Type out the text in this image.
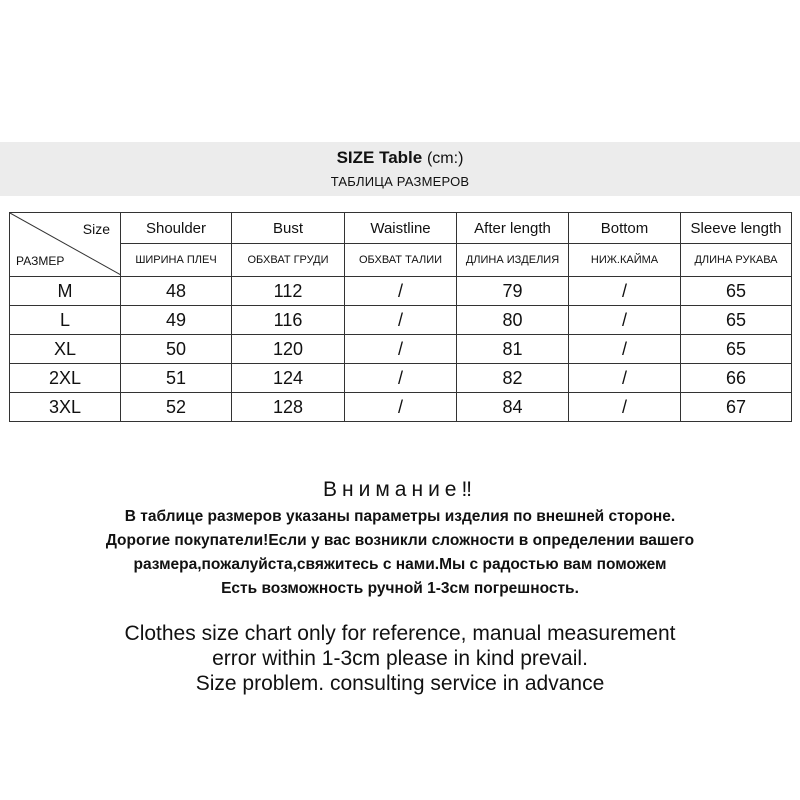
SIZE Table (cm:)
ТАБЛИЦА РАЗМЕРОВ
Size
РАЗМЕР	Shoulder	Bust	Waistline	After length	Bottom	Sleeve length
	ШИРИНА ПЛЕЧ	ОБХВАТ ГРУДИ	ОБХВАТ ТАЛИИ	ДЛИНА ИЗДЕЛИЯ	НИЖ.КАЙМА	ДЛИНА РУКАВА
M	48	112	/	79	/	65
L	49	116	/	80	/	65
XL	50	120	/	81	/	65
2XL	51	124	/	82	/	66
3XL	52	128	/	84	/	67
Внимание‼
В таблице размеров указаны параметры изделия по внешней стороне.
Дорогие покупатели!Если у вас возникли сложности в определении вашего
размера,пожалуйста,свяжитесь с нами.Мы с радостью вам поможем
Есть возможность ручной 1-3см погрешность.
Clothes size chart only for reference, manual measurement
error within 1-3cm please in kind prevail.
Size problem. consulting service in advance
